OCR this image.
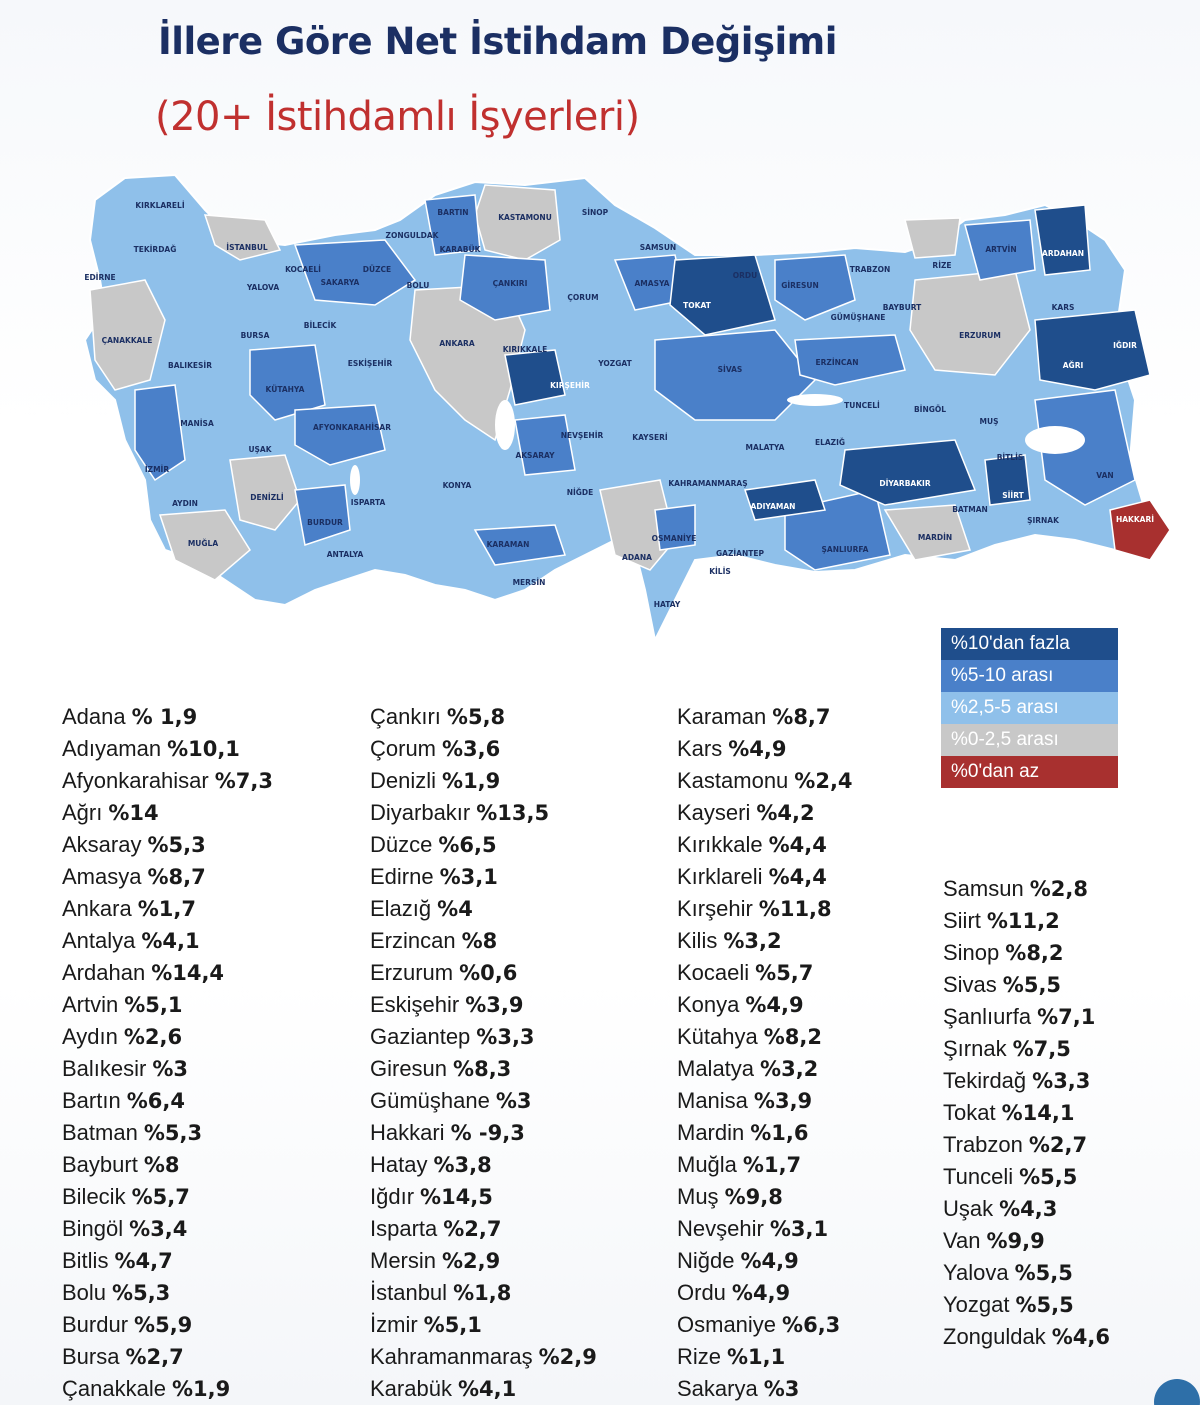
İllere Göre Net İstihdam Değişimi
(20+ İstihdamlı İşyerleri)
KIRKLARELİ
EDİRNE
TEKİRDAĞ	İSTANBUL
KOCAELİ
YALOVA
SAKARYA
DÜZCE
BOLU
ZONGULDAK
BARTIN
KARABÜK
KASTAMONU
SİNOP
SAMSUN
ÇANKIRI
ÇORUM
AMASYA
TOKAT
ORDU
GİRESUN
TRABZON	RİZE
ARTVİN	ARDAHAN
KARS
IĞDIR
AĞRI
ERZURUM
BAYBURT
GÜMÜŞHANE
ERZİNCAN
SİVAS
YOZGAT
KIRIKKALE
ANKARA
KIRŞEHİR
ÇANAKKALE
BALIKESİR
BURSA
BİLECİK
ESKİŞEHİR
KÜTAHYA
MANİSA
İZMİR
AYDIN
MUĞLA
DENİZLİ
UŞAK
AFYONKARAHİSAR
BURDUR
ISPARTA
ANTALYA
KONYA
AKSARAY
NEVŞEHİR
NİĞDE
KAYSERİ
KARAMAN
MERSİN
ADANA
OSMANİYE
HATAY
KAHRAMANMARAŞ
GAZİANTEP
KİLİS
MALATYA
ELAZIĞ
TUNCELİ	BİNGÖL
MUŞ
BİTLİS
VAN
HAKKARİ
ŞIRNAK
SİİRT
BATMAN
MARDİN
DİYARBAKIR
ADIYAMAN
ŞANLIURFA
%10'dan fazla
%5-10 arası
%2,5-5 arası
%0-2,5 arası
%0'dan az
Adana % 1,9
Adıyaman %10,1
Afyonkarahisar %7,3
Ağrı %14
Aksaray %5,3
Amasya %8,7
Ankara %1,7
Antalya %4,1
Ardahan %14,4
Artvin %5,1
Aydın %2,6
Balıkesir %3
Bartın %6,4
Batman %5,3
Bayburt %8
Bilecik %5,7
Bingöl %3,4
Bitlis %4,7
Bolu %5,3
Burdur %5,9
Bursa %2,7
Çanakkale %1,9
Çankırı %5,8
Çorum %3,6
Denizli %1,9
Diyarbakır %13,5
Düzce %6,5
Edirne %3,1
Elazığ %4
Erzincan %8
Erzurum %0,6
Eskişehir %3,9
Gaziantep %3,3
Giresun %8,3
Gümüşhane %3
Hakkari % -9,3
Hatay %3,8
Iğdır %14,5
Isparta %2,7
Mersin %2,9
İstanbul %1,8
İzmir %5,1
Kahramanmaraş %2,9
Karabük %4,1
Karaman %8,7
Kars %4,9
Kastamonu %2,4
Kayseri %4,2
Kırıkkale %4,4
Kırklareli %4,4
Kırşehir %11,8
Kilis %3,2
Kocaeli %5,7
Konya %4,9
Kütahya %8,2
Malatya %3,2
Manisa %3,9
Mardin %1,6
Muğla %1,7
Muş %9,8
Nevşehir %3,1
Niğde %4,9
Ordu %4,9
Osmaniye %6,3
Rize %1,1
Sakarya %3
Samsun %2,8
Siirt %11,2
Sinop %8,2
Sivas %5,5
Şanlıurfa %7,1
Şırnak %7,5
Tekirdağ %3,3
Tokat %14,1
Trabzon %2,7
Tunceli %5,5
Uşak %4,3
Van %9,9
Yalova %5,5
Yozgat %5,5
Zonguldak %4,6
